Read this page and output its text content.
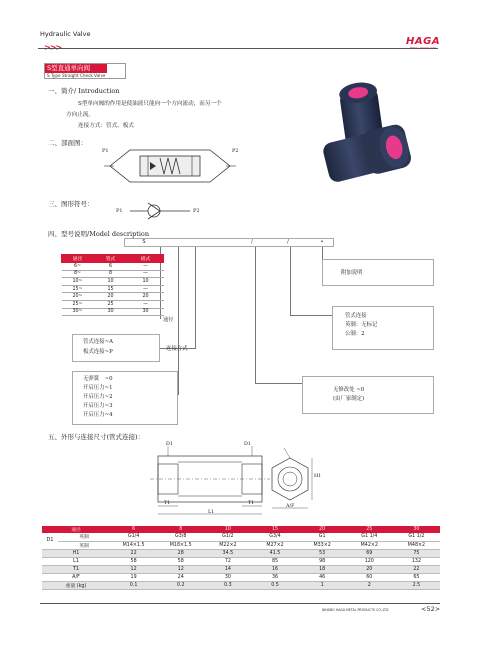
Hydraulic Valve
HAGA
METAL PRODUCTS
S型直通单向阀
S Type Straight Check Valve
一、简介/ Introduction
S型单向阀的作用是使油液只能向一个方向流动，而另一个
方向止流。
连接方式：管式、板式
二、部面图：
P1	P2
三、图形符号：
P1	P2
四、型号说明/Model description
S	/	/	•
通径	管式	板式
6~	6	—
8~	8	—
10~	10	10
15~	15	—
20~	20	20
25~	25	—
30~	30	30
通径
附加说明
管式连接
英制：无标记
公制：2
管式连接~A
板式连接~P	连接方式
无弹簧　~0
开启压力~1
开启压力~2
开启压力~3
开启压力~4
无修改处 ~0
(由厂家制定)
五、外形与连接尺寸(管式连接)：
D1	D1
H1
T1	T1
L1
A/F
通径		6	8	10	15	20	25	30
D1	英制	G1/4	G3/8	G1/2	G3/4	G1	G1 1/4	G1 1/2
	英制	M14×1.5	M18×1.5	M22×2	M27×2	M33×2	M42×2	M48×2
H1		22	28	34.5	41.5	53	69	75
L1		58	58	72	85	98	120	132
T1		12	12	14	16	18	20	22
A/F		19	24	30	36	46	60	65
重量 (kg)		0.1	0.2	0.3	0.5	1	2	2.5
NINGBO HAGA METAL PRODUCTS CO.,LTD	<52>
